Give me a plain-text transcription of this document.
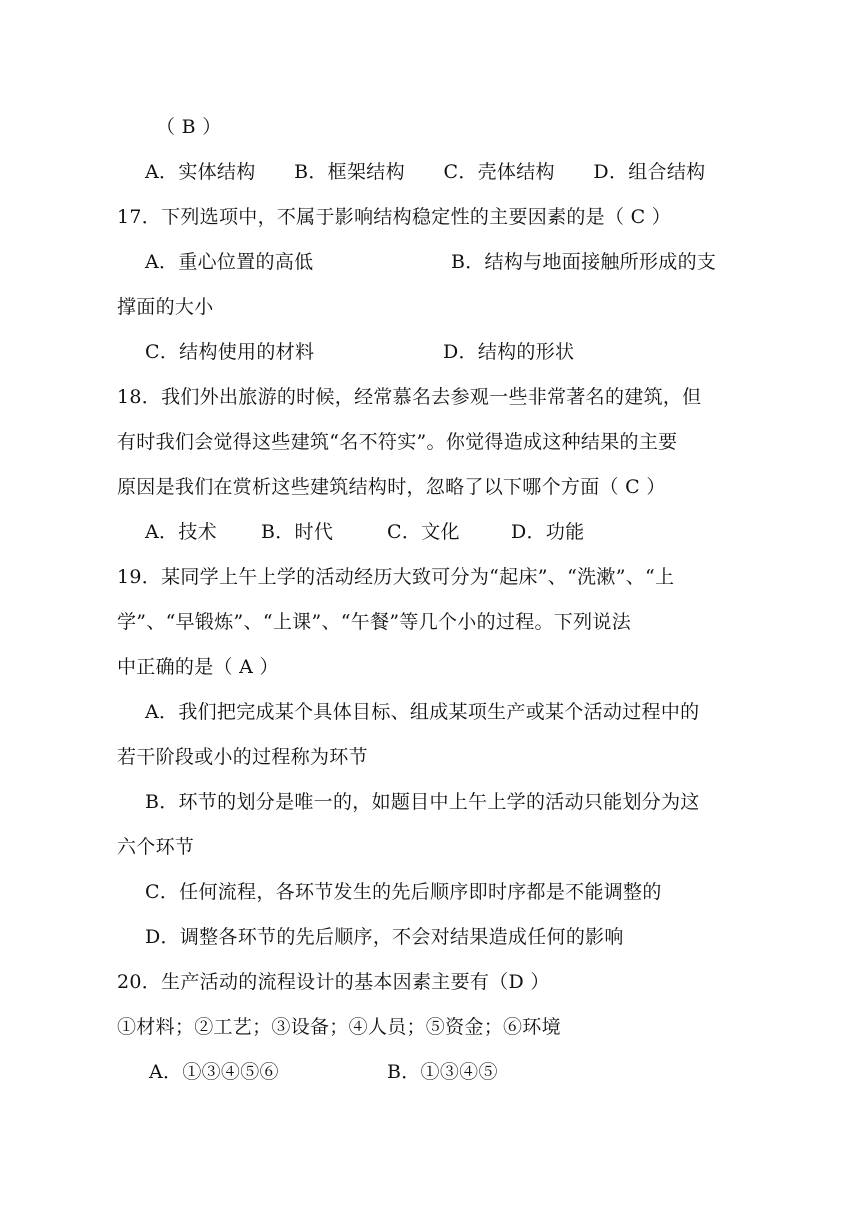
（ B ）
A．实体结构　　B．框架结构　　C．壳体结构　　D．组合结构
17．下列选项中，不属于影响结构稳定性的主要因素的是（ C ）
A．重心位置的高低	B．结构与地面接触所形成的支
撑面的大小
C．结构使用的材料	D．结构的形状
18．我们外出旅游的时候，经常慕名去参观一些非常著名的建筑，但
有时我们会觉得这些建筑“名不符实”。你觉得造成这种结果的主要
原因是我们在赏析这些建筑结构时，忽略了以下哪个方面（ C ）
A．技术 B．时代	C．文化	D．功能
19．某同学上午上学的活动经历大致可分为“起床”、“洗漱”、“上
学”、“早锻炼”、“上课”、“午餐”等几个小的过程。下列说法
中正确的是（ A ）
A．我们把完成某个具体目标、组成某项生产或某个活动过程中的
若干阶段或小的过程称为环节
B．环节的划分是唯一的，如题目中上午上学的活动只能划分为这
六个环节
C．任何流程，各环节发生的先后顺序即时序都是不能调整的
D．调整各环节的先后顺序，不会对结果造成任何的影响
20．生产活动的流程设计的基本因素主要有（D ）
①材料；②工艺；③设备；④人员；⑤资金；⑥环境
A．①③④⑤⑥	B．①③④⑤
